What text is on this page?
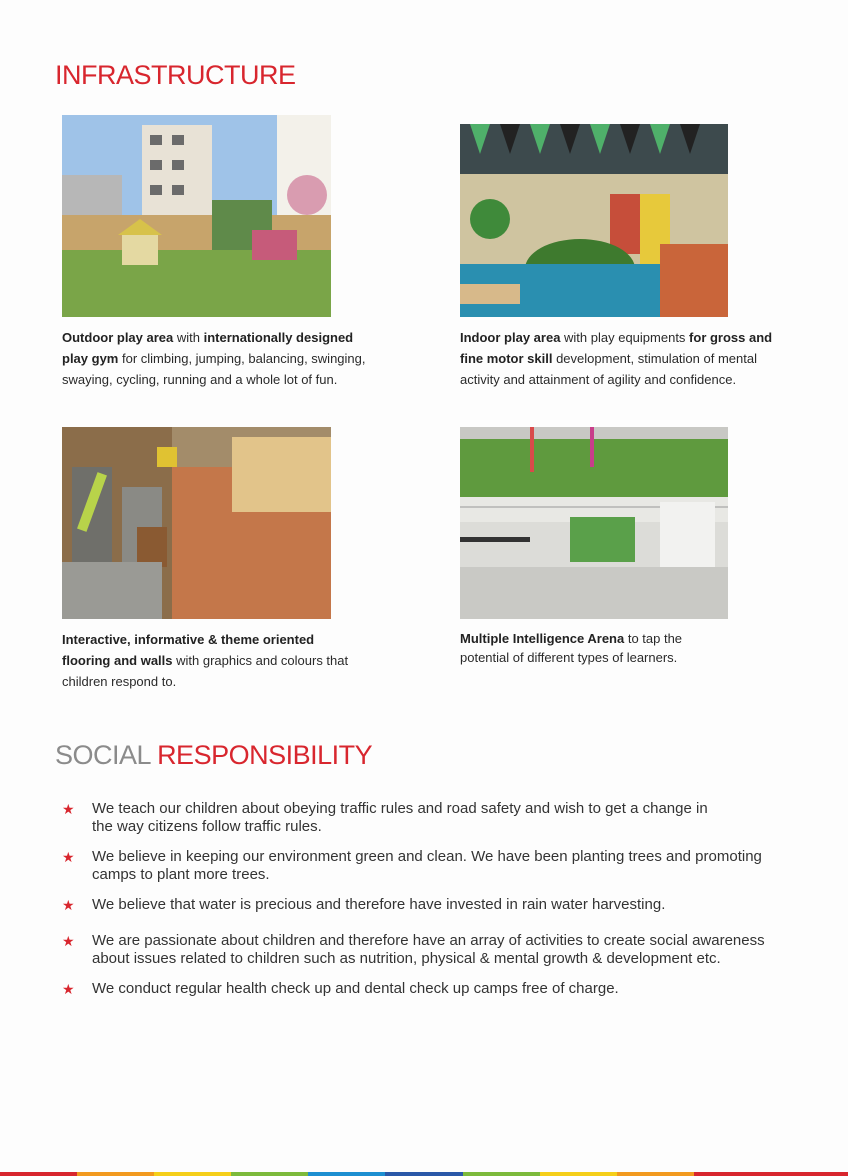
INFRASTRUCTURE
Outdoor play area with internationally designed play gym for climbing, jumping, balancing, swinging, swaying, cycling, running and a whole lot of fun.
Indoor play area with play equipments for gross and fine motor skill development, stimulation of mental activity and attainment of agility and confidence.
Interactive, informative & theme oriented flooring and walls with graphics and colours that children respond to.
Multiple Intelligence Arena to tap the potential of different types of learners.
SOCIAL RESPONSIBILITY
★ We teach our children about obeying traffic rules and road safety and wish to get a change in the way citizens follow traffic rules.
★ We believe in keeping our environment green and clean. We have been planting trees and promoting camps to plant more trees.
★ We believe that water is precious and therefore have invested in rain water harvesting.
★ We are passionate about children and therefore have an array of activities to create social awareness about issues related to children such as nutrition, physical & mental growth & development etc.
★ We conduct regular health check up and dental check up camps free of charge.
